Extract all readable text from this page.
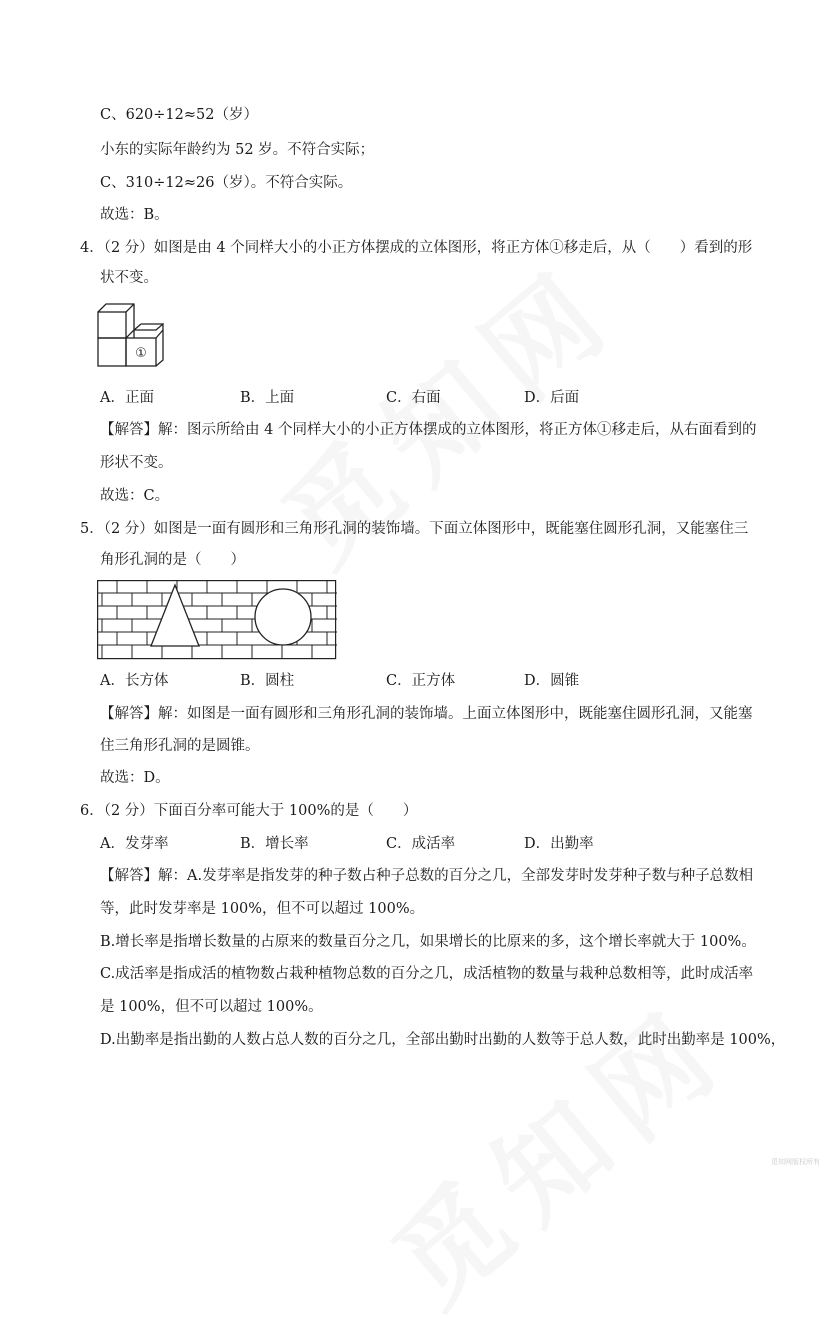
C、620÷12≈52（岁）
小东的实际年龄约为 52 岁。不符合实际；
C、310÷12≈26（岁）。不符合实际。
故选：B。
4．（2 分）如图是由 4 个同样大小的小正方体摆成的立体图形，将正方体①移走后，从（　　）看到的形
状不变。
①
A．正面	B．上面	C．右面	D．后面
【解答】解：图示所给由 4 个同样大小的小正方体摆成的立体图形，将正方体①移走后，从右面看到的
形状不变。
故选：C。
5．（2 分）如图是一面有圆形和三角形孔洞的装饰墙。下面立体图形中，既能塞住圆形孔洞，又能塞住三
角形孔洞的是（　　）
A．长方体	B．圆柱	C．正方体	D．圆锥
【解答】解：如图是一面有圆形和三角形孔洞的装饰墙。上面立体图形中，既能塞住圆形孔洞，又能塞
住三角形孔洞的是圆锥。
故选：D。
6．（2 分）下面百分率可能大于 100%的是（　　）
A．发芽率	B．增长率	C．成活率	D．出勤率
【解答】解：A.发芽率是指发芽的种子数占种子总数的百分之几，全部发芽时发芽种子数与种子总数相
等，此时发芽率是 100%，但不可以超过 100%。
B.增长率是指增长数量的占原来的数量百分之几，如果增长的比原来的多，这个增长率就大于 100%。
C.成活率是指成活的植物数占栽种植物总数的百分之几，成活植物的数量与栽种总数相等，此时成活率
是 100%，但不可以超过 100%。
D.出勤率是指出勤的人数占总人数的百分之几，全部出勤时出勤的人数等于总人数，此时出勤率是 100%，
觅知网版权所有
